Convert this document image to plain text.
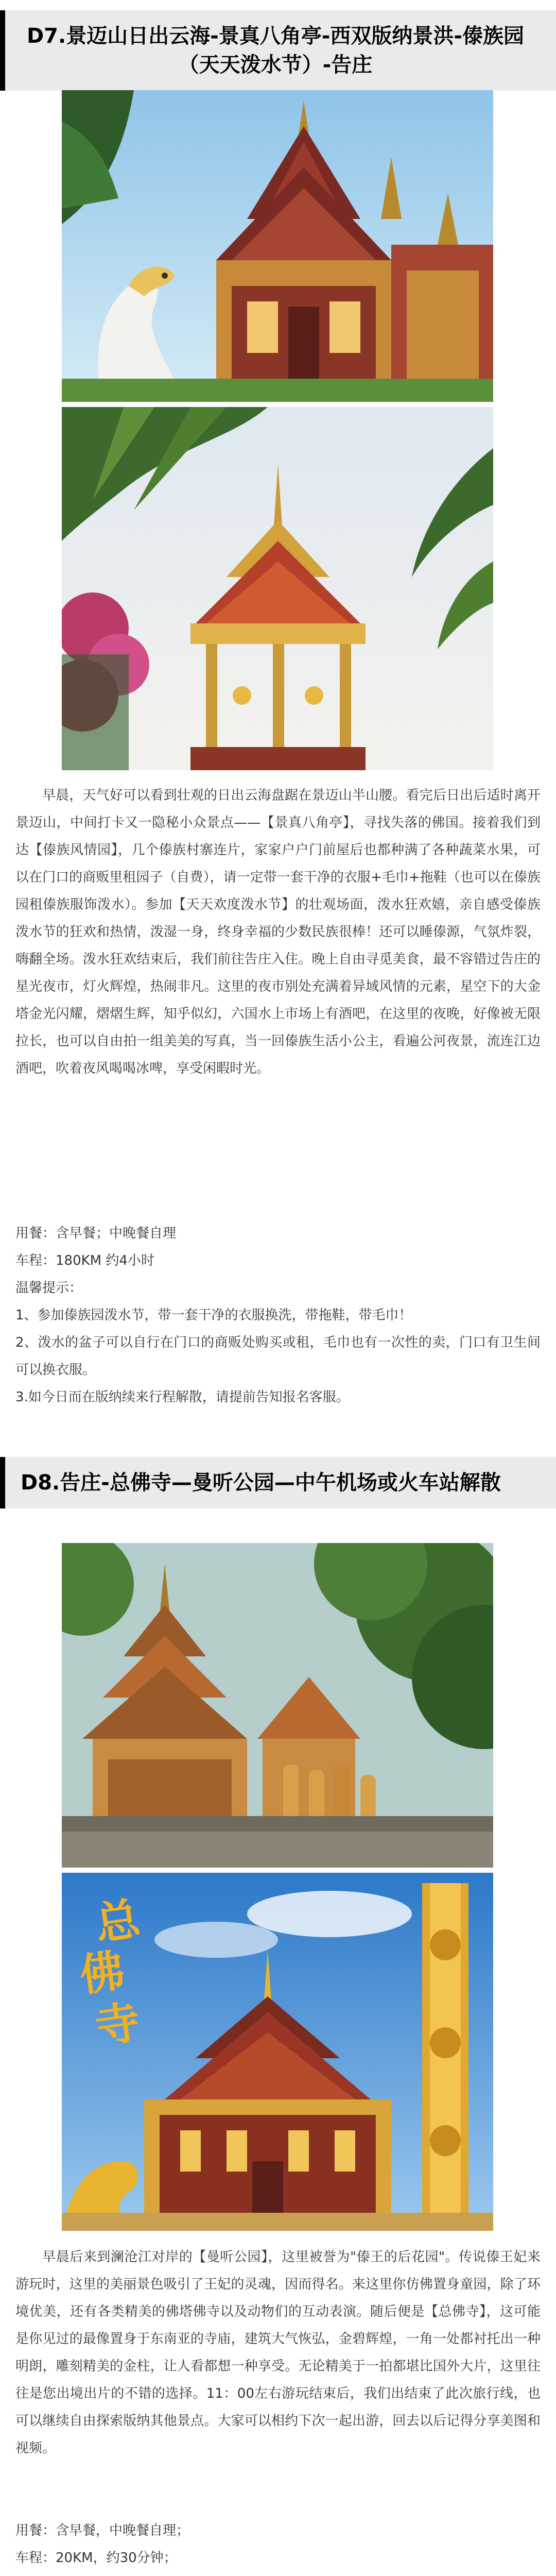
D7.景迈山日出云海-景真八角亭-西双版纳景洪-傣族园（天天泼水节）-告庄

早晨，天气好可以看到壮观的日出云海盘踞在景迈山半山腰。看完后日出后适时离开景迈山，中间打卡又一隐秘小众景点——【景真八角亭】，寻找失落的佛国。接着我们到达【傣族风情园】，几个傣族村寨连片，家家户户门前屋后也都种满了各种蔬菜水果，可以在门口的商贩里租园子（自费），请一定带一套干净的衣服+毛巾+拖鞋（也可以在傣族园租傣族服饰泼水）。参加【天天欢度泼水节】的壮观场面，泼水狂欢嬉，亲自感受傣族泼水节的狂欢和热情，泼湿一身，终身幸福的少数民族很棒！还可以睡傣源，气氛炸裂，嗨翻全场。泼水狂欢结束后，我们前往告庄入住。晚上自由寻觅美食，最不容错过告庄的星光夜市，灯火辉煌，热闹非凡。这里的夜市别处充满着异域风情的元素，星空下的大金塔金光闪耀，熠熠生辉，知乎似幻，六国水上市场上有酒吧，在这里的夜晚，好像被无限拉长，也可以自由拍一组美美的写真，当一回傣族生活小公主，看遍公河夜景，流连江边酒吧，吹着夜风喝喝冰啤，享受闲暇时光。

用餐：含早餐；中晚餐自理
车程：180KM 约4小时
温馨提示：
1、参加傣族园泼水节，带一套干净的衣服换洗，带拖鞋，带毛巾！
2、泼水的盆子可以自行在门口的商贩处购买或租，毛巾也有一次性的卖，门口有卫生间可以换衣服。
3.如今日而在版纳续来行程解散，请提前告知报名客服。
D8.告庄-总佛寺—曼听公园—中午机场或火车站解散
总
佛
寺

早晨后来到澜沧江对岸的【曼听公园】，这里被誉为"傣王的后花园"。传说傣王妃来游玩时，这里的美丽景色吸引了王妃的灵魂，因而得名。来这里你仿佛置身童园，除了环境优美，还有各类精美的佛塔佛寺以及动物们的互动表演。随后便是【总佛寺】，这可能是你见过的最像置身于东南亚的寺庙，建筑大气恢弘，金碧辉煌，一角一处都衬托出一种明朗，雕刻精美的金柱，让人看都想一种享受。无论精美于一拍都堪比国外大片，这里往往是您出境出片的不错的选择。11：00左右游玩结束后，我们出结束了此次旅行线，也可以继续自由探索版纳其他景点。大家可以相约下次一起出游，回去以后记得分享美图和视频。

用餐：含早餐，中晚餐自理；
车程：20KM，约30分钟；
